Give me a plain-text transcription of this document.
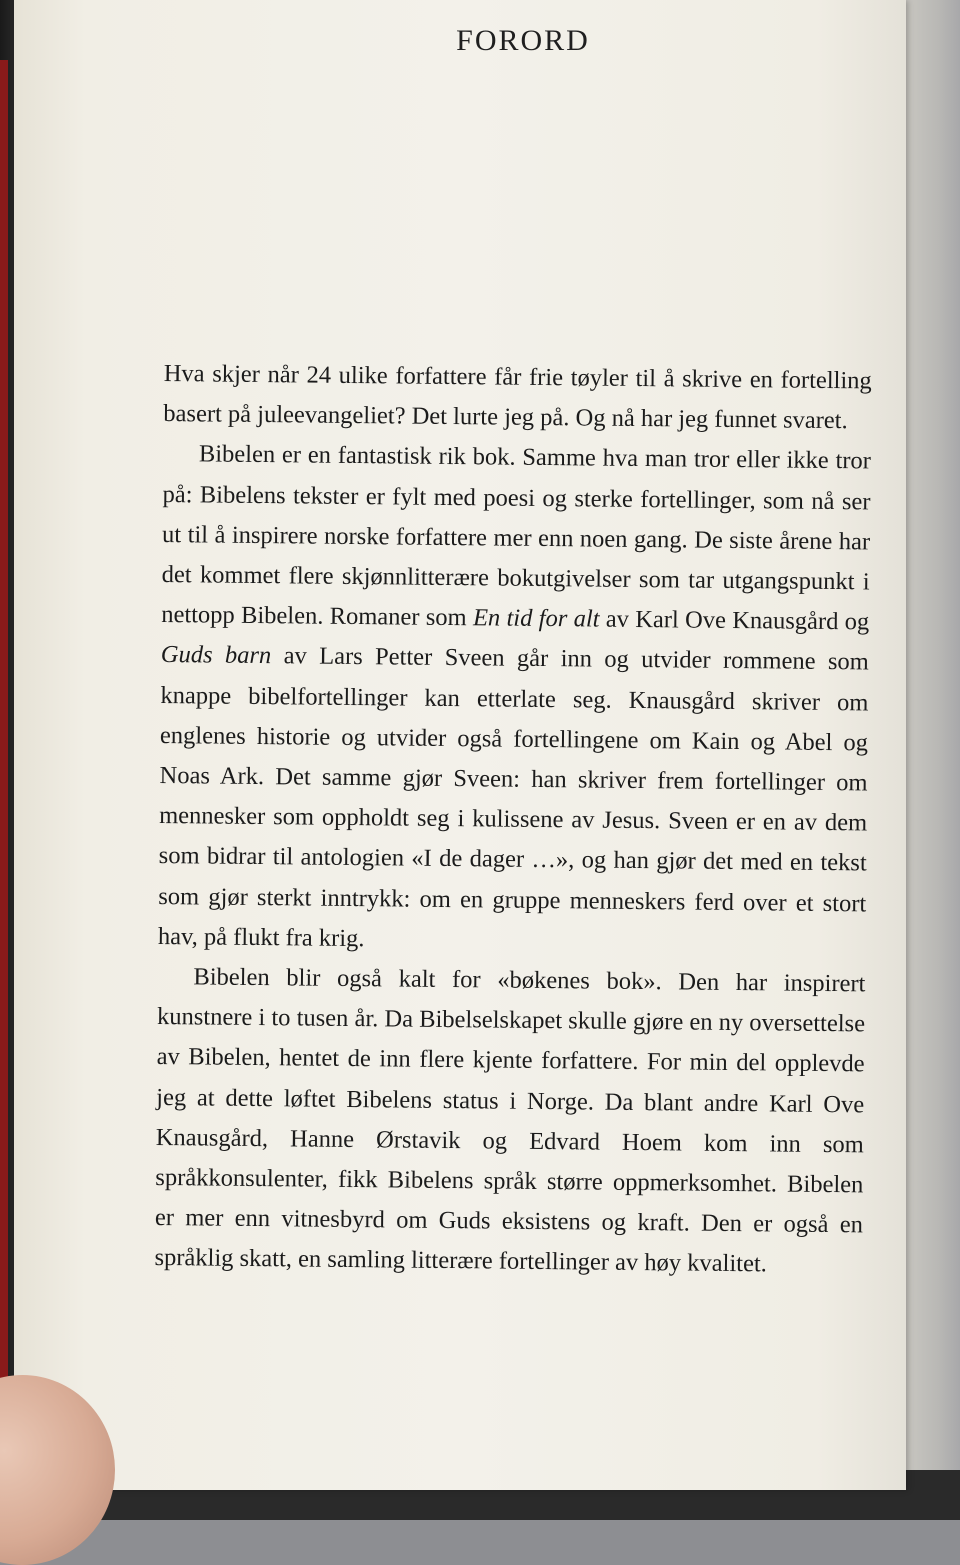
FORORD

Hva skjer når 24 ulike forfattere får frie tøyler til å skrive en fortelling basert på juleevangeliet? Det lurte jeg på. Og nå har jeg funnet svaret.

Bibelen er en fantastisk rik bok. Samme hva man tror eller ikke tror på: Bibelens tekster er fylt med poesi og sterke fortellinger, som nå ser ut til å inspirere norske forfattere mer enn noen gang. De siste årene har det kommet flere skjønnlitterære bokutgivelser som tar utgangspunkt i nettopp Bibelen. Romaner som En tid for alt av Karl Ove Knausgård og Guds barn av Lars Petter Sveen går inn og utvider rommene som knappe bibelfortellinger kan etterlate seg. Knausgård skriver om englenes historie og utvider også fortellingene om Kain og Abel og Noas Ark. Det samme gjør Sveen: han skriver frem fortellinger om mennesker som oppholdt seg i kulissene av Jesus. Sveen er en av dem som bidrar til antologien «I de dager …», og han gjør det med en tekst som gjør sterkt inntrykk: om en gruppe menneskers ferd over et stort hav, på flukt fra krig.

Bibelen blir også kalt for «bøkenes bok». Den har inspirert kunstnere i to tusen år. Da Bibelselskapet skulle gjøre en ny oversettelse av Bibelen, hentet de inn flere kjente forfattere. For min del opplevde jeg at dette løftet Bibelens status i Norge. Da blant andre Karl Ove Knausgård, Hanne Ørstavik og Edvard Hoem kom inn som språkkonsulenter, fikk Bibelens språk større oppmerksomhet. Bibelen er mer enn vitnesbyrd om Guds eksistens og kraft. Den er også en språklig skatt, en samling litterære fortellinger av høy kvalitet.
